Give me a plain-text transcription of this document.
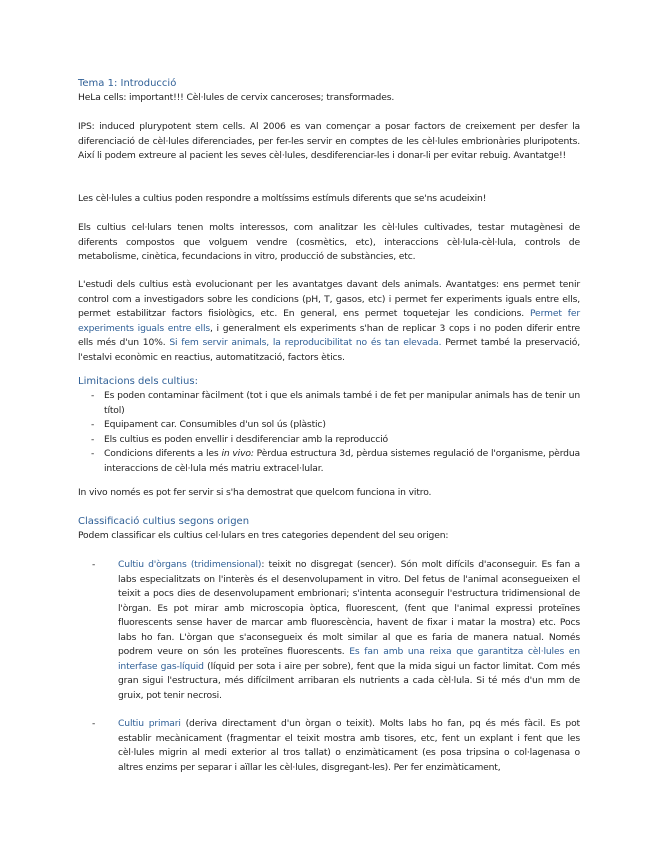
Tema 1: Introducció
HeLa cells: important!!! Cèl·lules de cervix canceroses; transformades.
IPS: induced plurypotent stem cells. Al 2006 es van començar a posar factors de creixement per desfer la diferenciació de cèl·lules diferenciades, per fer-les servir en comptes de les cèl·lules embrionàries pluripotents. Així li podem extreure al pacient les seves cèl·lules, desdiferenciar-les i donar-li per evitar rebuig. Avantatge!!
Les cèl·lules a cultius poden respondre a moltíssims estímuls diferents que se'ns acudeixin!
Els cultius cel·lulars tenen molts interessos, com analitzar les cèl·lules cultivades, testar mutagènesi de diferents compostos que volguem vendre (cosmètics, etc), interaccions cèl·lula-cèl·lula, controls de metabolisme, cinètica, fecundacions in vitro, producció de substàncies, etc.
L'estudi dels cultius està evolucionant per les avantatges davant dels animals. Avantatges: ens permet tenir control com a investigadors sobre les condicions (pH, T, gasos, etc) i permet fer experiments iguals entre ells, permet estabilitzar factors fisiològics, etc. En general, ens permet toquetejar les condicions. Permet fer experiments iguals entre ells, i generalment els experiments s'han de replicar 3 cops i no poden diferir entre ells més d'un 10%. Si fem servir animals, la reproducibilitat no és tan elevada. Permet també la preservació, l'estalvi econòmic en reactius, automatització, factors ètics.
Limitacions dels cultius:
- Es poden contaminar fàcilment (tot i que els animals també i de fet per manipular animals has de tenir un títol)
- Equipament car. Consumibles d'un sol ús (plàstic)
- Els cultius es poden envellir i desdiferenciar amb la reproducció
- Condicions diferents a les in vivo: Pèrdua estructura 3d, pèrdua sistemes regulació de l'organisme, pèrdua interaccions de cèl·lula més matriu extracel·lular.
In vivo només es pot fer servir si s'ha demostrat que quelcom funciona in vitro.
Classificació cultius segons origen
Podem classificar els cultius cel·lulars en tres categories dependent del seu origen:
- Cultiu d'òrgans (tridimensional): teixit no disgregat (sencer). Són molt difícils d'aconseguir. Es fan a labs especialitzats on l'interès és el desenvolupament in vitro. Del fetus de l'animal aconsegueixen el teixit a pocs dies de desenvolupament embrionari; s'intenta aconseguir l'estructura tridimensional de l'òrgan. Es pot mirar amb microscopia òptica, fluorescent, (fent que l'animal expressi proteïnes fluorescents sense haver de marcar amb fluorescència, havent de fixar i matar la mostra) etc. Pocs labs ho fan. L'òrgan que s'aconsegueix és molt similar al que es faria de manera natual. Només podrem veure on són les proteïnes fluorescents. Es fan amb una reixa que garantitza cèl·lules en interfase gas-líquid (líquid per sota i aire per sobre), fent que la mida sigui un factor limitat. Com més gran sigui l'estructura, més difícilment arribaran els nutrients a cada cèl·lula. Si té més d'un mm de gruix, pot tenir necrosi.
- Cultiu primari (deriva directament d'un òrgan o teixit). Molts labs ho fan, pq és més fàcil. Es pot establir mecànicament (fragmentar el teixit mostra amb tisores, etc, fent un explant i fent que les cèl·lules migrin al medi exterior al tros tallat) o enzimàticament (es posa tripsina o col·lagenasa o altres enzims per separar i aïllar les cèl·lules, disgregant-les). Per fer enzimàticament,
